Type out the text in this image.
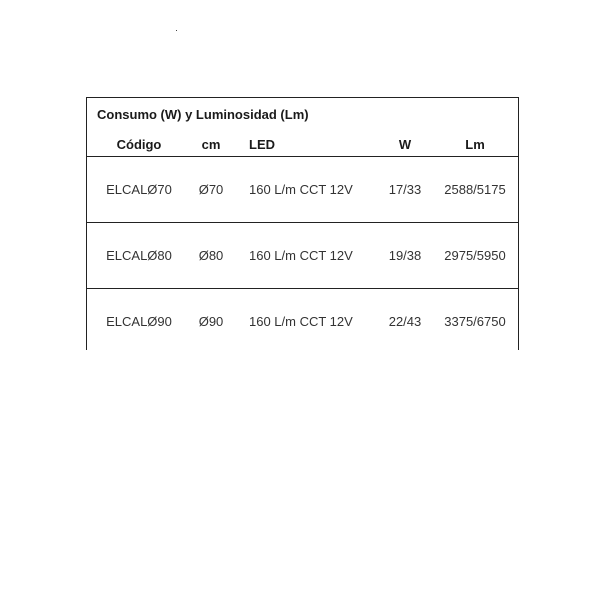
Consumo (W) y Luminosidad (Lm)
Código	cm	LED	W	Lm
ELCALØ70	Ø70	160 L/m CCT 12V	17/33	2588/5175
ELCALØ80	Ø80	160 L/m CCT 12V	19/38	2975/5950
ELCALØ90	Ø90	160 L/m CCT 12V	22/43	3375/6750
